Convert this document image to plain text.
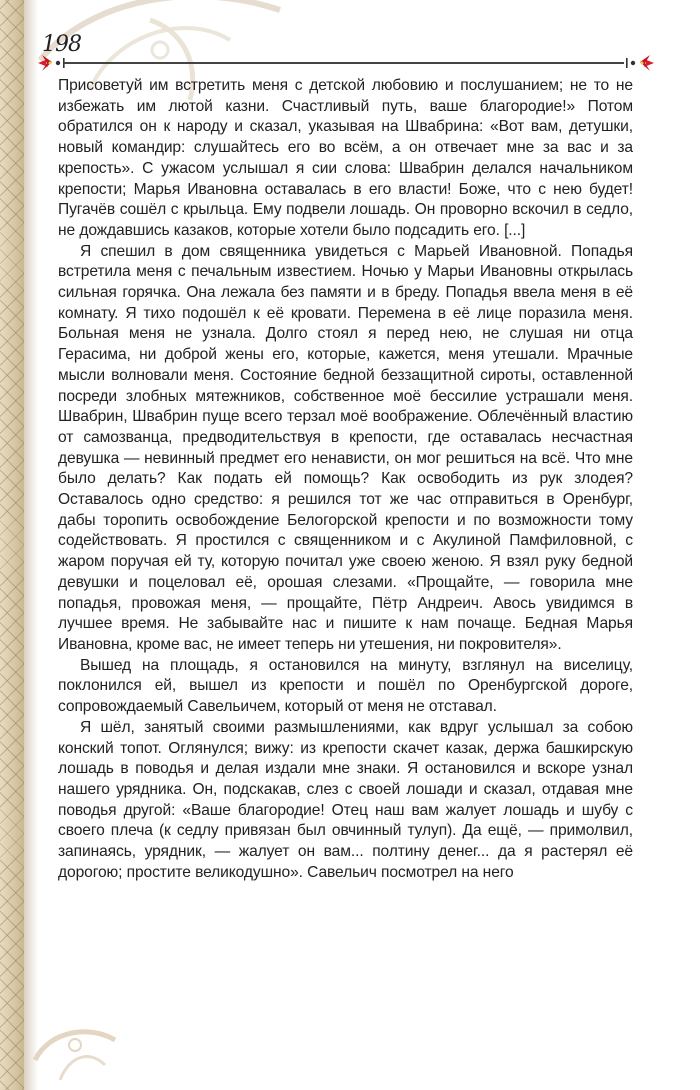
198

Присоветуй им встретить меня с детской любовию и послушанием; не то не избежать им лютой казни. Счастливый путь, ваше благородие!» Потом обратился он к народу и сказал, указывая на Швабрина: «Вот вам, детушки, новый командир: слушайтесь его во всём, а он отвечает мне за вас и за крепость». С ужасом услышал я сии слова: Швабрин делался начальником крепости; Марья Ивановна оставалась в его власти! Боже, что с нею будет! Пугачёв сошёл с крыльца. Ему подвели лошадь. Он проворно вскочил в седло, не дождавшись казаков, которые хотели было подсадить его. [...]

Я спешил в дом священника увидеться с Марьей Ивановной. Попадья встретила меня с печальным известием. Ночью у Марьи Ивановны открылась сильная горячка. Она лежала без памяти и в бреду. Попадья ввела меня в её комнату. Я тихо подошёл к её кровати. Перемена в её лице поразила меня. Больная меня не узнала. Долго стоял я перед нею, не слушая ни отца Герасима, ни доброй жены его, которые, кажется, меня утешали. Мрачные мысли волновали меня. Состояние бедной беззащитной сироты, оставленной посреди злобных мятежников, собственное моё бессилие устрашали меня. Швабрин, Швабрин пуще всего терзал моё воображение. Облечённый властию от самозванца, предводительствуя в крепости, где оставалась несчастная девушка — невинный предмет его ненависти, он мог решиться на всё. Что мне было делать? Как подать ей помощь? Как освободить из рук злодея? Оставалось одно средство: я решился тот же час отправиться в Оренбург, дабы торопить освобождение Белогорской крепости и по возможности тому содействовать. Я простился с священником и с Акулиной Памфиловной, с жаром поручая ей ту, которую почитал уже своею женою. Я взял руку бедной девушки и поцеловал её, орошая слезами. «Прощайте, — говорила мне попадья, провожая меня, — прощайте, Пётр Андреич. Авось увидимся в лучшее время. Не забывайте нас и пишите к нам почаще. Бедная Марья Ивановна, кроме вас, не имеет теперь ни утешения, ни покровителя».

Вышед на площадь, я остановился на минуту, взглянул на виселицу, поклонился ей, вышел из крепости и пошёл по Оренбургской дороге, сопровождаемый Савельичем, который от меня не отставал.

Я шёл, занятый своими размышлениями, как вдруг услышал за собою конский топот. Оглянулся; вижу: из крепости скачет казак, держа башкирскую лошадь в поводья и делая издали мне знаки. Я остановился и вскоре узнал нашего урядника. Он, подскакав, слез с своей лошади и сказал, отдавая мне поводья другой: «Ваше благородие! Отец наш вам жалует лошадь и шубу с своего плеча (к седлу привязан был овчинный тулуп). Да ещё, — примолвил, запинаясь, урядник, — жалует он вам... полтину денег... да я растерял её дорогою; простите великодушно». Савельич посмотрел на него
